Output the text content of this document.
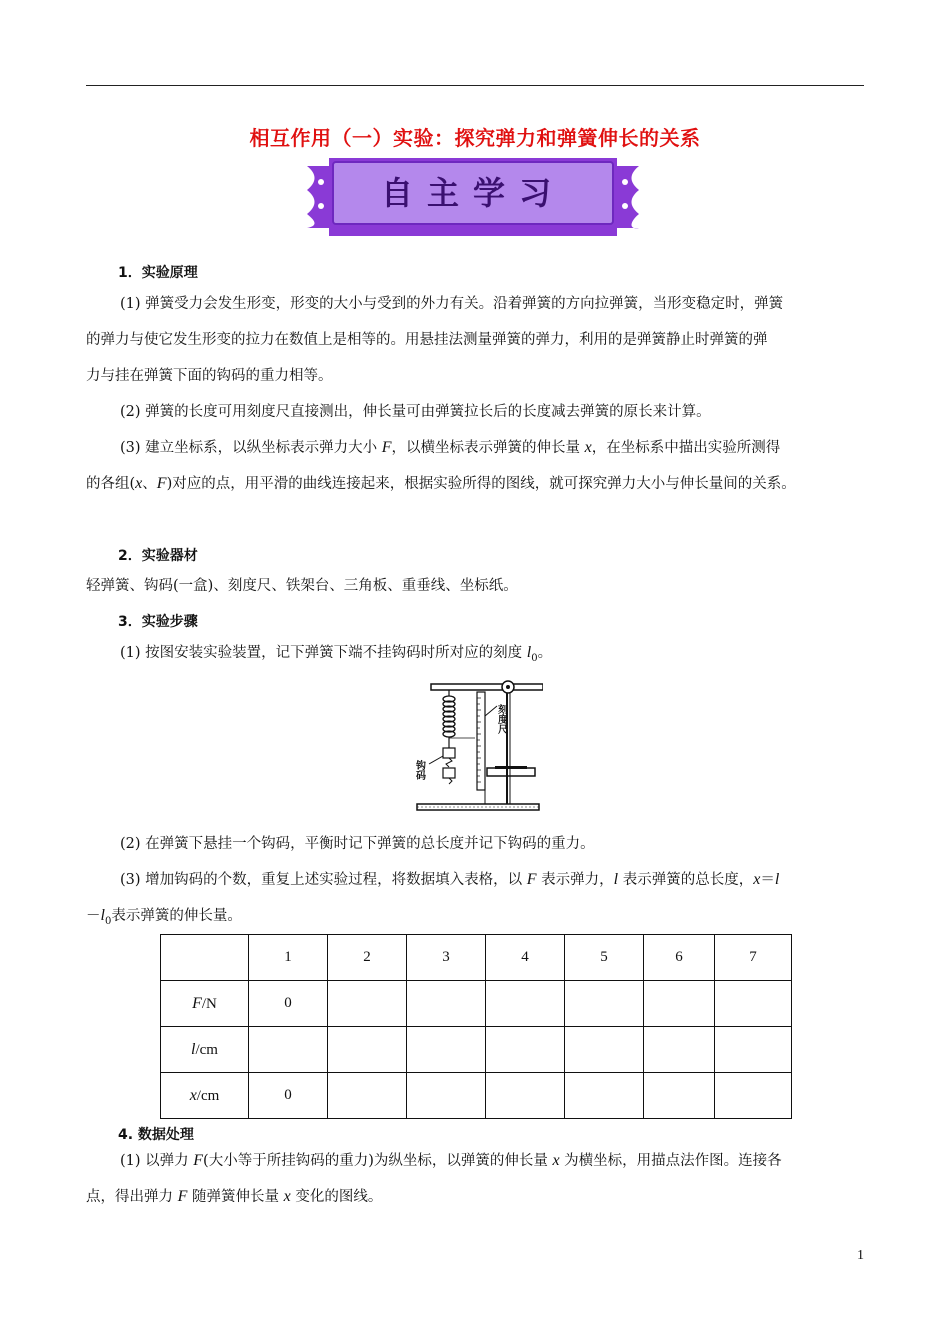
相互作用（一）实验：探究弹力和弹簧伸长的关系
自主学习
1．实验原理

(1) 弹簧受力会发生形变，形变的大小与受到的外力有关。沿着弹簧的方向拉弹簧，当形变稳定时，弹簧
的弹力与使它发生形变的拉力在数值上是相等的。用悬挂法测量弹簧的弹力，利用的是弹簧静止时弹簧的弹
力与挂在弹簧下面的钩码的重力相等。

(2) 弹簧的长度可用刻度尺直接测出，伸长量可由弹簧拉长后的长度减去弹簧的原长来计算。

(3) 建立坐标系，以纵坐标表示弹力大小 F，以横坐标表示弹簧的伸长量 x，在坐标系中描出实验所测得
的各组(x、F)对应的点，用平滑的曲线连接起来，根据实验所得的图线，就可探究弹力大小与伸长量间的关系。

2．实验器材

轻弹簧、钩码(一盒)、刻度尺、铁架台、三角板、重垂线、坐标纸。

3．实验步骤

(1) 按图安装实验装置，记下弹簧下端不挂钩码时所对应的刻度 $l_0$。

刻度尺
钩码

(2) 在弹簧下悬挂一个钩码，平衡时记下弹簧的总长度并记下钩码的重力。

(3) 增加钩码的个数，重复上述实验过程，将数据填入表格，以 F 表示弹力，l 表示弹簧的总长度，x＝l
$-l_0$表示弹簧的伸长量。

	1	2	3	4	5	6	7
F/N	0						
l/cm							
x/cm	0						
4. 数据处理

(1) 以弹力 F(大小等于所挂钩码的重力)为纵坐标，以弹簧的伸长量 x 为横坐标，用描点法作图。连接各
点，得出弹力 F 随弹簧伸长量 x 变化的图线。

1
